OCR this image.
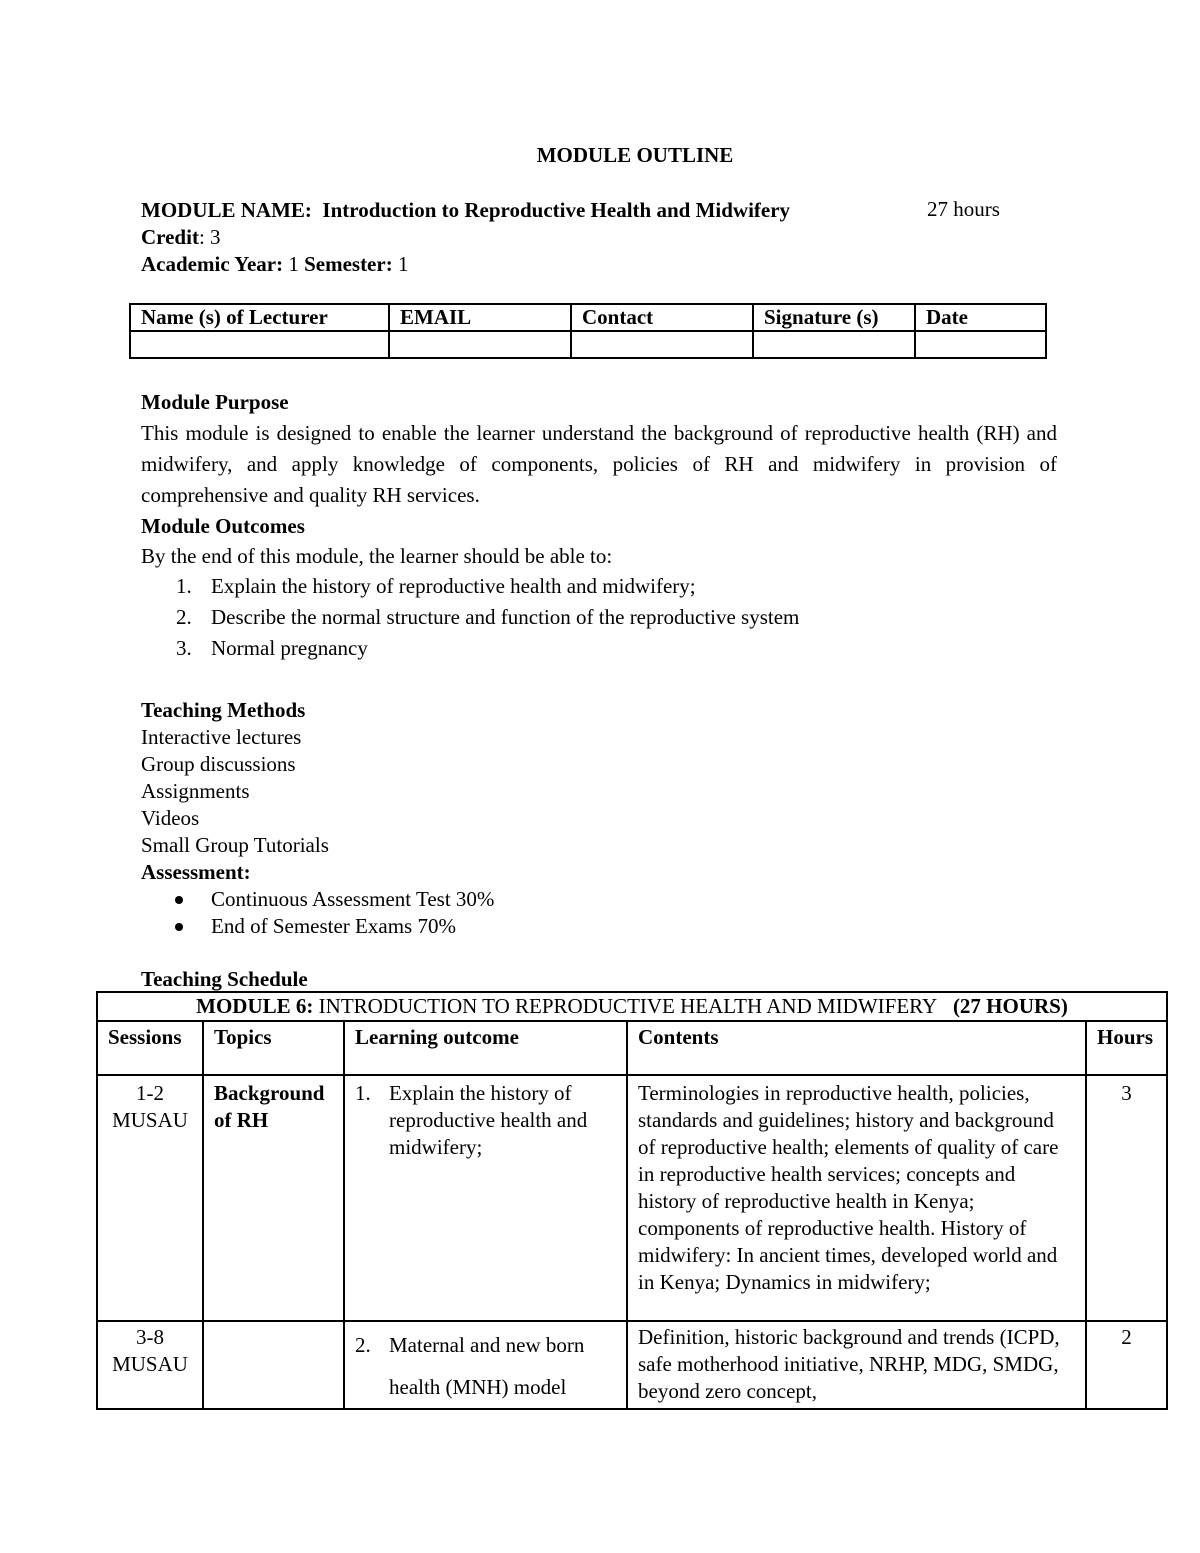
MODULE OUTLINE
MODULE NAME: Introduction to Reproductive Health and Midwifery	27 hours
Credit: 3
Academic Year: 1 Semester: 1
Name (s) of Lecturer	EMAIL	Contact	Signature (s)	Date

Module Purpose
This module is designed to enable the learner understand the background of reproductive health (RH) and midwifery, and apply knowledge of components, policies of RH and midwifery in provision of comprehensive and quality RH services.
Module Outcomes
By the end of this module, the learner should be able to:
1. Explain the history of reproductive health and midwifery;
2. Describe the normal structure and function of the reproductive system
3. Normal pregnancy
Teaching Methods
Interactive lectures
Group discussions
Assignments
Videos
Small Group Tutorials
Assessment:
Continuous Assessment Test 30%
End of Semester Exams 70%
Teaching Schedule
MODULE 6: INTRODUCTION TO REPRODUCTIVE HEALTH AND MIDWIFERY (27 HOURS)				
Sessions	Topics	Learning outcome	Contents	Hours
1-2 MUSAU	Background of RH	1. Explain the history of reproductive health and midwifery;	Terminologies in reproductive health, policies, standards and guidelines; history and background of reproductive health; elements of quality of care in reproductive health services; concepts and history of reproductive health in Kenya; components of reproductive health. History of midwifery: In ancient times, developed world and in Kenya; Dynamics in midwifery;	3
3-8 MUSAU		2. Maternal and new born health (MNH) model	Definition, historic background and trends (ICPD, safe motherhood initiative, NRHP, MDG, SMDG, beyond zero concept,	2
